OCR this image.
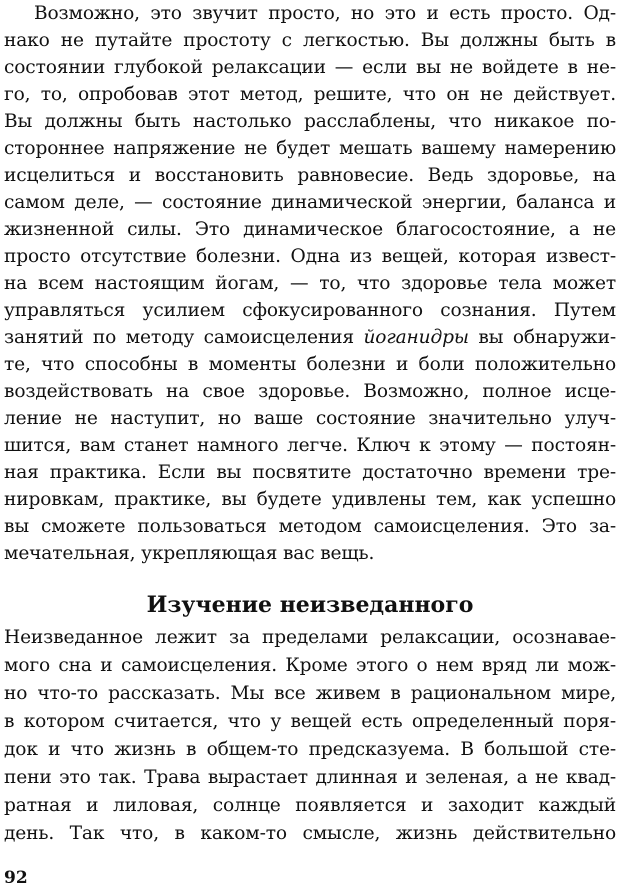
Возможно, это звучит просто, но это и есть просто. Од-
нако не путайте простоту с легкостью. Вы должны быть в
состоянии глубокой релаксации — если вы не войдете в не-
го, то, опробовав этот метод, решите, что он не действует.
Вы должны быть настолько расслаблены, что никакое по-
стороннее напряжение не будет мешать вашему намерению
исцелиться и восстановить равновесие. Ведь здоровье, на
самом деле, — состояние динамической энергии, баланса и
жизненной силы. Это динамическое благосостояние, а не
просто отсутствие болезни. Одна из вещей, которая извест-
на всем настоящим йогам, — то, что здоровье тела может
управляться усилием сфокусированного сознания. Путем
занятий по методу самоисцеления йоганидры вы обнаружи-
те, что способны в моменты болезни и боли положительно
воздействовать на свое здоровье. Возможно, полное исце-
ление не наступит, но ваше состояние значительно улуч-
шится, вам станет намного легче. Ключ к этому — постоян-
ная практика. Если вы посвятите достаточно времени тре-
нировкам, практике, вы будете удивлены тем, как успешно
вы сможете пользоваться методом самоисцеления. Это за-
мечательная, укрепляющая вас вещь.
Изучение неизведанного
Неизведанное лежит за пределами релаксации, осознавае-
мого сна и самоисцеления. Кроме этого о нем вряд ли мож-
но что-то рассказать. Мы все живем в рациональном мире,
в котором считается, что у вещей есть определенный поря-
док и что жизнь в общем-то предсказуема. В большой сте-
пени это так. Трава вырастает длинная и зеленая, а не квад-
ратная и лиловая, солнце появляется и заходит каждый
день. Так что, в каком-то смысле, жизнь действительно
92
